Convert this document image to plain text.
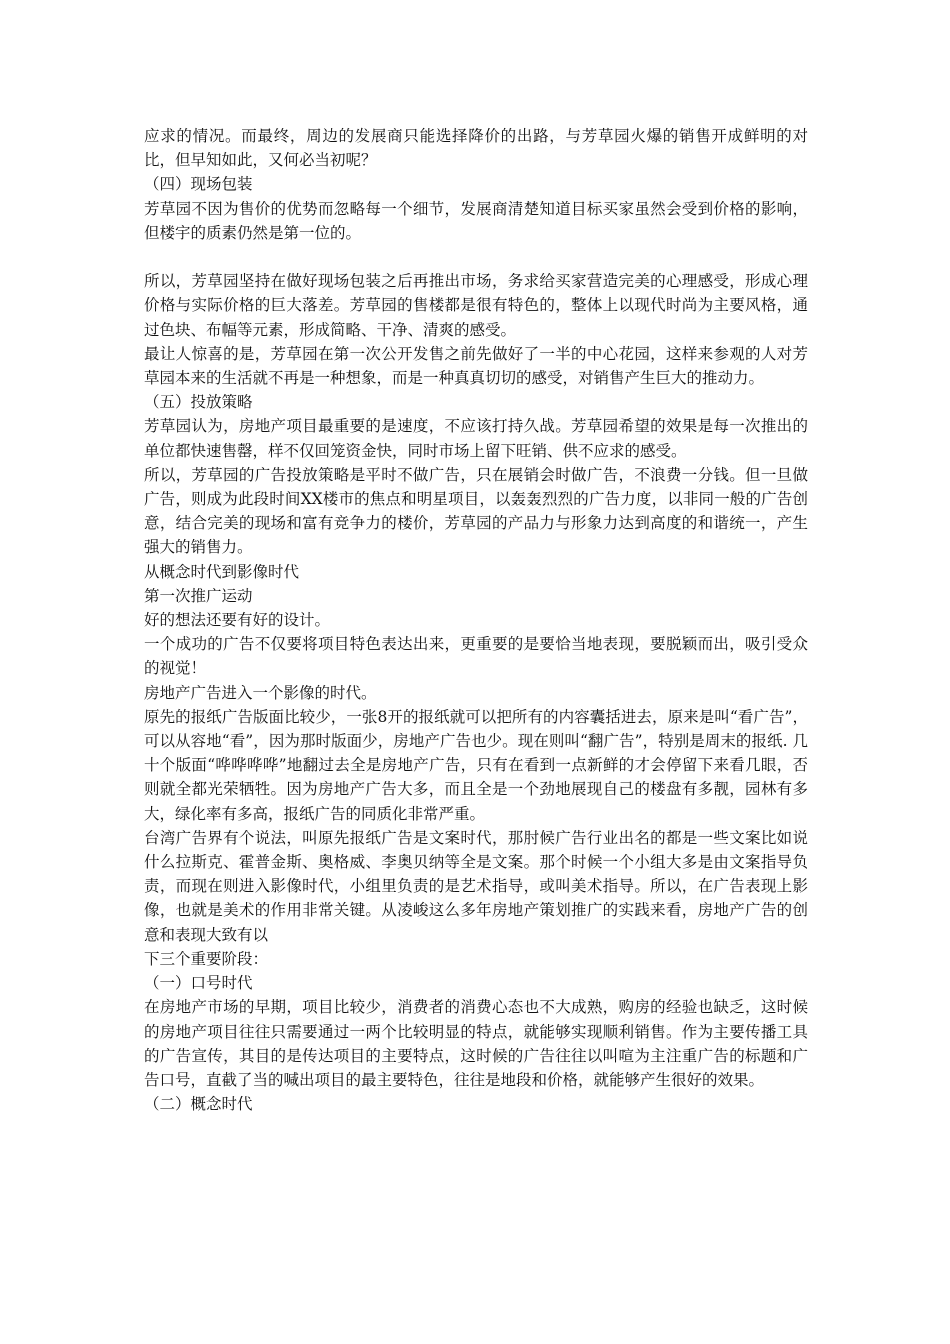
应求的情况。而最终，周边的发展商只能选择降价的出路，与芳草园火爆的销售开成鲜明的对比，但早知如此，又何必当初呢？

（四）现场包装

芳草园不因为售价的优势而忽略每一个细节，发展商清楚知道目标买家虽然会受到价格的影响，但楼宇的质素仍然是第一位的。

所以，芳草园坚持在做好现场包装之后再推出市场，务求给买家营造完美的心理感受，形成心理价格与实际价格的巨大落差。芳草园的售楼都是很有特色的，整体上以现代时尚为主要风格，通过色块、布幅等元素，形成简略、干净、清爽的感受。

最让人惊喜的是，芳草园在第一次公开发售之前先做好了一半的中心花园，这样来参观的人对芳草园本来的生活就不再是一种想象，而是一种真真切切的感受，对销售产生巨大的推动力。

（五）投放策略

芳草园认为，房地产项目最重要的是速度，不应该打持久战。芳草园希望的效果是每一次推出的单位都快速售罄，样不仅回笼资金快，同时市场上留下旺销、供不应求的感受。

所以，芳草园的广告投放策略是平时不做广告，只在展销会时做广告，不浪费一分钱。但一旦做广告，则成为此段时间XX楼市的焦点和明星项目，以轰轰烈烈的广告力度，以非同一般的广告创意，结合完美的现场和富有竞争力的楼价，芳草园的产品力与形象力达到高度的和谐统一，产生强大的销售力。

从概念时代到影像时代

第一次推广运动

好的想法还要有好的设计。

一个成功的广告不仅要将项目特色表达出来，更重要的是要恰当地表现，要脱颖而出，吸引受众的视觉！

房地产广告进入一个影像的时代。

原先的报纸广告版面比较少，一张8开的报纸就可以把所有的内容囊括进去，原来是叫“看广告”，可以从容地“看”，因为那时版面少，房地产广告也少。现在则叫“翻广告”，特别是周末的报纸. 几十个版面“哗哗哗哗”地翻过去全是房地产广告，只有在看到一点新鲜的才会停留下来看几眼，否则就全都光荣牺牲。因为房地产广告大多，而且全是一个劲地展现自己的楼盘有多靓，园林有多大，绿化率有多高，报纸广告的同质化非常严重。

台湾广告界有个说法，叫原先报纸广告是文案时代，那肘候广告行业出名的都是一些文案比如说什么拉斯克、霍普金斯、奥格威、李奥贝纳等全是文案。那个时候一个小组大多是由文案指导负责，而现在则进入影像时代，小组里负责的是艺术指导，或叫美术指导。所以，在广告表现上影像，也就是美术的作用非常关键。从凌峻这么多年房地产策划推广的实践来看，房地产广告的创意和表现大致有以

下三个重要阶段：

（一）口号时代

在房地产市场的早期，项目比较少，消费者的消费心态也不大成熟，购房的经验也缺乏，这时候的房地产项目往往只需要通过一两个比较明显的特点，就能够实现顺利销售。作为主要传播工具的广告宣传，其目的是传达项目的主要特点，这时候的广告往往以叫喧为主注重广告的标题和广告口号，直截了当的喊出项目的最主要特色，往往是地段和价格，就能够产生很好的效果。

（二）概念时代
